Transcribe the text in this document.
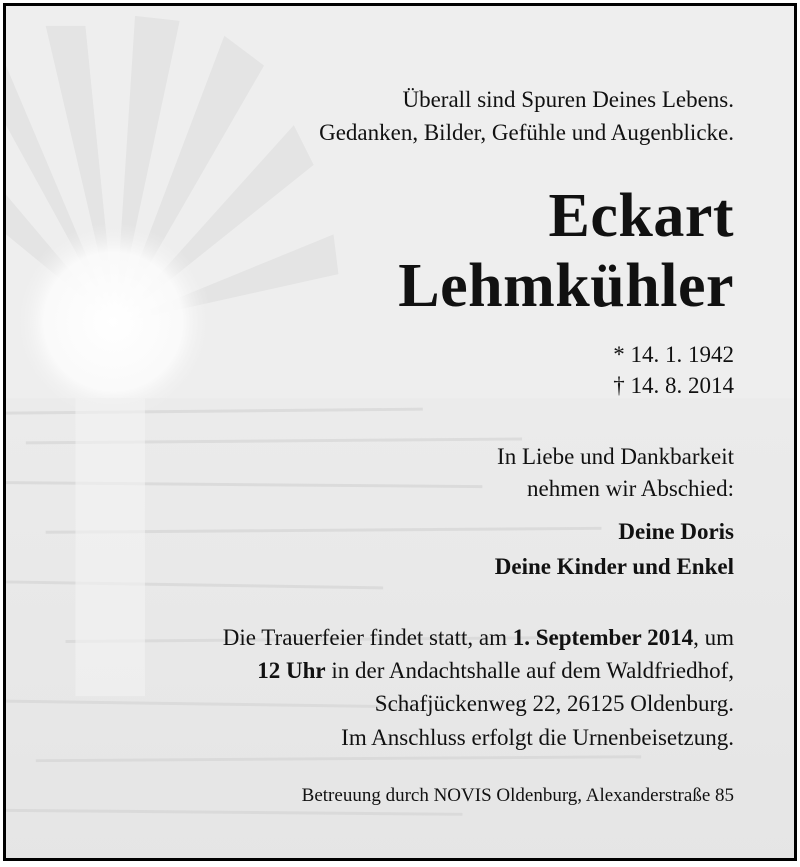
Überall sind Spuren Deines Lebens.
Gedanken, Bilder, Gefühle und Augenblicke.
Eckart
Lehmkühler
* 14. 1. 1942
† 14. 8. 2014
In Liebe und Dankbarkeit
nehmen wir Abschied:
Deine Doris
Deine Kinder und Enkel
Die Trauerfeier findet statt, am 1. September 2014, um
12 Uhr in der Andachtshalle auf dem Waldfriedhof,
Schafjückenweg 22, 26125 Oldenburg.
Im Anschluss erfolgt die Urnenbeisetzung.
Betreuung durch NOVIS Oldenburg, Alexanderstraße 85
